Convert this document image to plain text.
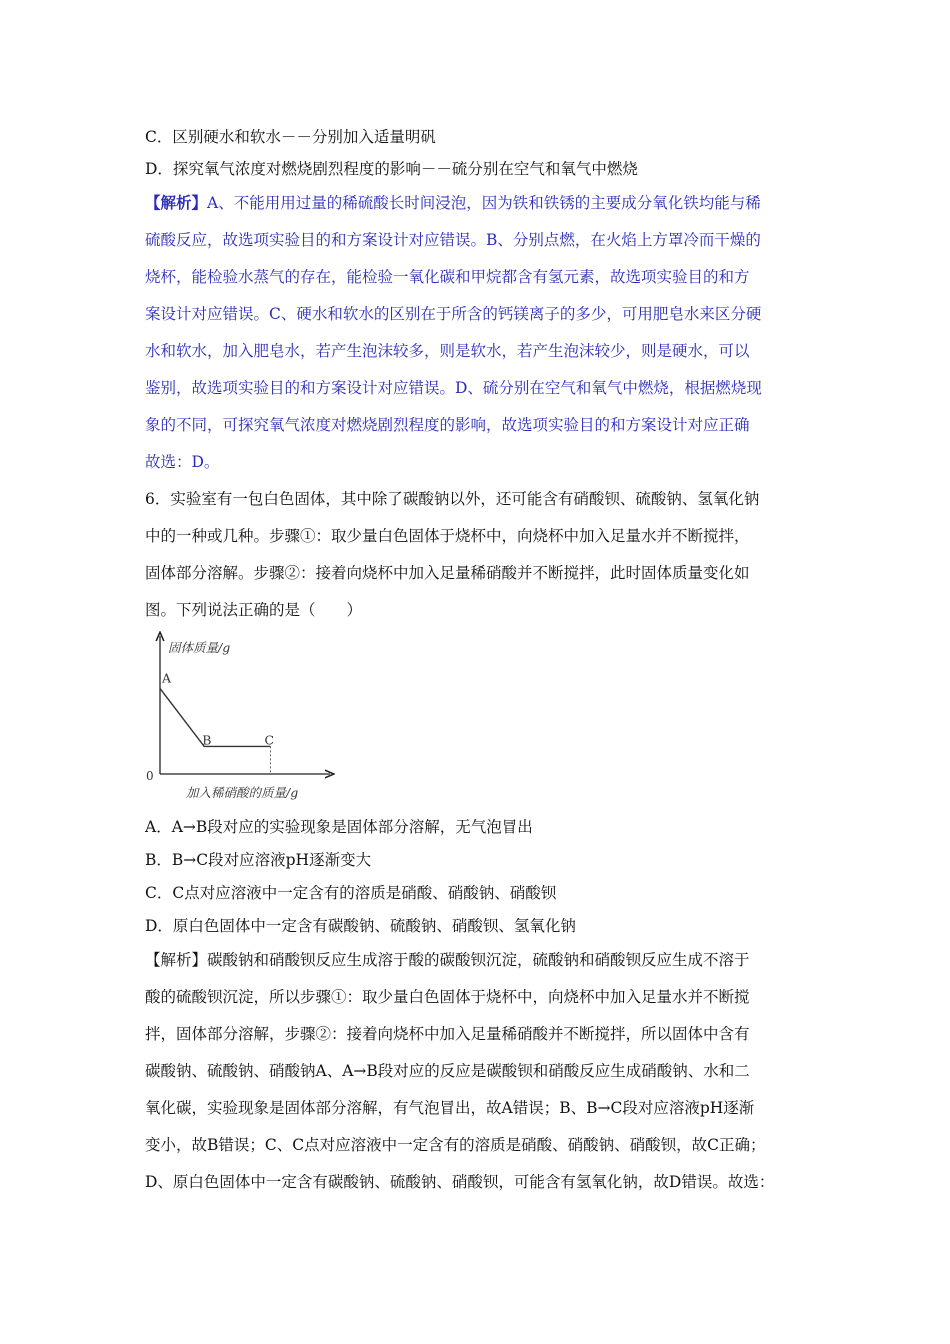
C．区别硬水和软水－－分别加入适量明矾
D．探究氧气浓度对燃烧剧烈程度的影响－－硫分别在空气和氧气中燃烧
【解析】A、不能用用过量的稀硫酸长时间浸泡，因为铁和铁锈的主要成分氧化铁均能与稀
硫酸反应，故选项实验目的和方案设计对应错误。B、分别点燃，在火焰上方罩冷而干燥的
烧杯，能检验水蒸气的存在，能检验一氧化碳和甲烷都含有氢元素，故选项实验目的和方
案设计对应错误。C、硬水和软水的区别在于所含的钙镁离子的多少，可用肥皂水来区分硬
水和软水，加入肥皂水，若产生泡沫较多，则是软水，若产生泡沫较少，则是硬水，可以
鉴别，故选项实验目的和方案设计对应错误。D、硫分别在空气和氧气中燃烧，根据燃烧现
象的不同，可探究氧气浓度对燃烧剧烈程度的影响，故选项实验目的和方案设计对应正确
故选：D。
6．实验室有一包白色固体，其中除了碳酸钠以外，还可能含有硝酸钡、硫酸钠、氢氧化钠
中的一种或几种。步骤①：取少量白色固体于烧杯中，向烧杯中加入足量水并不断搅拌，
固体部分溶解。步骤②：接着向烧杯中加入足量稀硝酸并不断搅拌，此时固体质量变化如
图。下列说法正确的是（　　）
固体质量/g
加入稀硝酸的质量/g
0
A
B	C
A．A→B段对应的实验现象是固体部分溶解，无气泡冒出
B．B→C段对应溶液pH逐渐变大
C．C点对应溶液中一定含有的溶质是硝酸、硝酸钠、硝酸钡
D．原白色固体中一定含有碳酸钠、硫酸钠、硝酸钡、氢氧化钠
【解析】碳酸钠和硝酸钡反应生成溶于酸的碳酸钡沉淀，硫酸钠和硝酸钡反应生成不溶于
酸的硫酸钡沉淀，所以步骤①：取少量白色固体于烧杯中，向烧杯中加入足量水并不断搅
拌，固体部分溶解，步骤②：接着向烧杯中加入足量稀硝酸并不断搅拌，所以固体中含有
碳酸钠、硫酸钠、硝酸钠A、A→B段对应的反应是碳酸钡和硝酸反应生成硝酸钠、水和二
氧化碳，实验现象是固体部分溶解，有气泡冒出，故A错误；B、B→C段对应溶液pH逐渐
变小，故B错误；C、C点对应溶液中一定含有的溶质是硝酸、硝酸钠、硝酸钡，故C正确；
D、原白色固体中一定含有碳酸钠、硫酸钠、硝酸钡，可能含有氢氧化钠，故D错误。故选：
